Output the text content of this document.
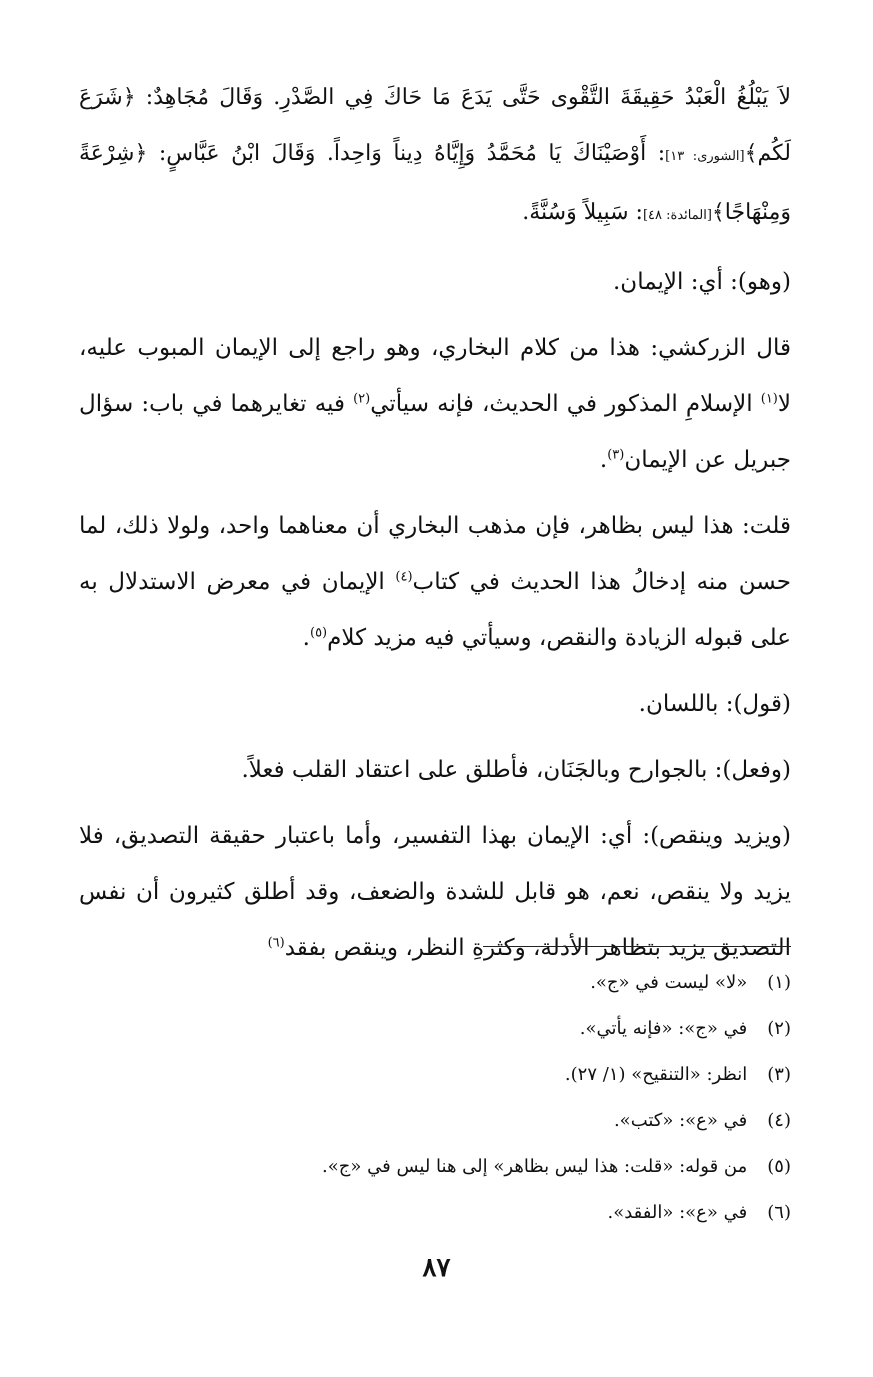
لاَ يَبْلُغُ الْعَبْدُ حَقِيقَةَ التَّقْوى حَتَّى يَدَعَ مَا حَاكَ فِي الصَّدْرِ. وَقَالَ مُجَاهِدٌ: ﴿شَرَعَ لَكُم﴾[الشورى: ١٣]: أَوْصَيْنَاكَ يَا مُحَمَّدُ وَإِيَّاهُ دِيناً وَاحِداً. وَقَالَ ابْنُ عَبَّاسٍ: ﴿شِرْعَةً وَمِنْهَاجًا﴾[المائدة: ٤٨]: سَبِيلاً وَسُنَّةً.

(وهو): أي: الإيمان.

قال الزركشي: هذا من كلام البخاري، وهو راجع إلى الإيمان المبوب عليه، لا$^{(١)}$ الإسلامِ المذكور في الحديث، فإنه سيأتي$^{(٢)}$ فيه تغايرهما في باب: سؤال جبريل عن الإيمان$^{(٣)}$.

قلت: هذا ليس بظاهر، فإن مذهب البخاري أن معناهما واحد، ولولا ذلك، لما حسن منه إدخالُ هذا الحديث في كتاب$^{(٤)}$ الإيمان في معرض الاستدلال به على قبوله الزيادة والنقص، وسيأتي فيه مزيد كلام$^{(٥)}$.

(قول): باللسان.

(وفعل): بالجوارح وبالجَنَان، فأطلق على اعتقاد القلب فعلاً.

(ويزيد وينقص): أي: الإيمان بهذا التفسير، وأما باعتبار حقيقة التصديق، فلا يزيد ولا ينقص، نعم، هو قابل للشدة والضعف، وقد أطلق كثيرون أن نفس التصديق يزيد بتظاهر الأدلة، وكثرةِ النظر، وينقص بفقد$^{(٦)}$

(١) «لا» ليست في «ج».
(٢) في «ج»: «فإنه يأتي».
(٣) انظر: «التنقيح» (١/ ٢٧).
(٤) في «ع»: «كتب».
(٥) من قوله: «قلت: هذا ليس بظاهر» إلى هنا ليس في «ج».
(٦) في «ع»: «الفقد».
٨٧
